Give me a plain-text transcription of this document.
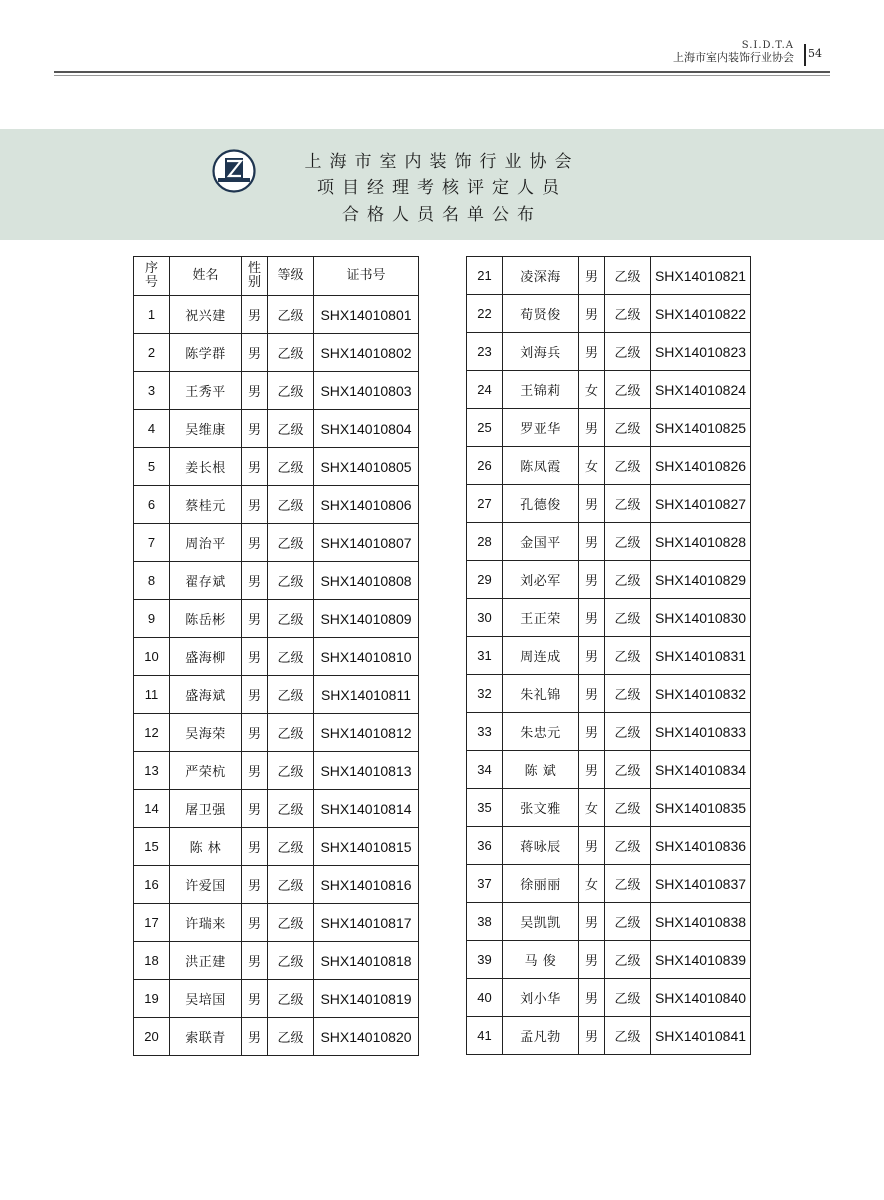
S.I.D.T.A
上海市室内装饰行业协会 54
上海市室内装饰行业协会
项目经理考核评定人员
合格人员名单公布
序号	姓名	性别	等级	证书号
1	祝兴建	男	乙级	SHX14010801
2	陈学群	男	乙级	SHX14010802
3	王秀平	男	乙级	SHX14010803
4	吴维康	男	乙级	SHX14010804
5	姜长根	男	乙级	SHX14010805
6	蔡桂元	男	乙级	SHX14010806
7	周治平	男	乙级	SHX14010807
8	翟存斌	男	乙级	SHX14010808
9	陈岳彬	男	乙级	SHX14010809
10	盛海柳	男	乙级	SHX14010810
11	盛海斌	男	乙级	SHX14010811
12	吴海荣	男	乙级	SHX14010812
13	严荣杭	男	乙级	SHX14010813
14	屠卫强	男	乙级	SHX14010814
15	陈 林	男	乙级	SHX14010815
16	许爱国	男	乙级	SHX14010816
17	许瑞来	男	乙级	SHX14010817
18	洪正建	男	乙级	SHX14010818
19	吴培国	男	乙级	SHX14010819
20	索联青	男	乙级	SHX14010820
21	凌深海	男	乙级	SHX14010821
22	荀贤俊	男	乙级	SHX14010822
23	刘海兵	男	乙级	SHX14010823
24	王锦莉	女	乙级	SHX14010824
25	罗亚华	男	乙级	SHX14010825
26	陈凤霞	女	乙级	SHX14010826
27	孔德俊	男	乙级	SHX14010827
28	金国平	男	乙级	SHX14010828
29	刘必军	男	乙级	SHX14010829
30	王正荣	男	乙级	SHX14010830
31	周连成	男	乙级	SHX14010831
32	朱礼锦	男	乙级	SHX14010832
33	朱忠元	男	乙级	SHX14010833
34	陈 斌	男	乙级	SHX14010834
35	张文雅	女	乙级	SHX14010835
36	蒋咏辰	男	乙级	SHX14010836
37	徐丽丽	女	乙级	SHX14010837
38	吴凯凯	男	乙级	SHX14010838
39	马 俊	男	乙级	SHX14010839
40	刘小华	男	乙级	SHX14010840
41	孟凡勃	男	乙级	SHX14010841
